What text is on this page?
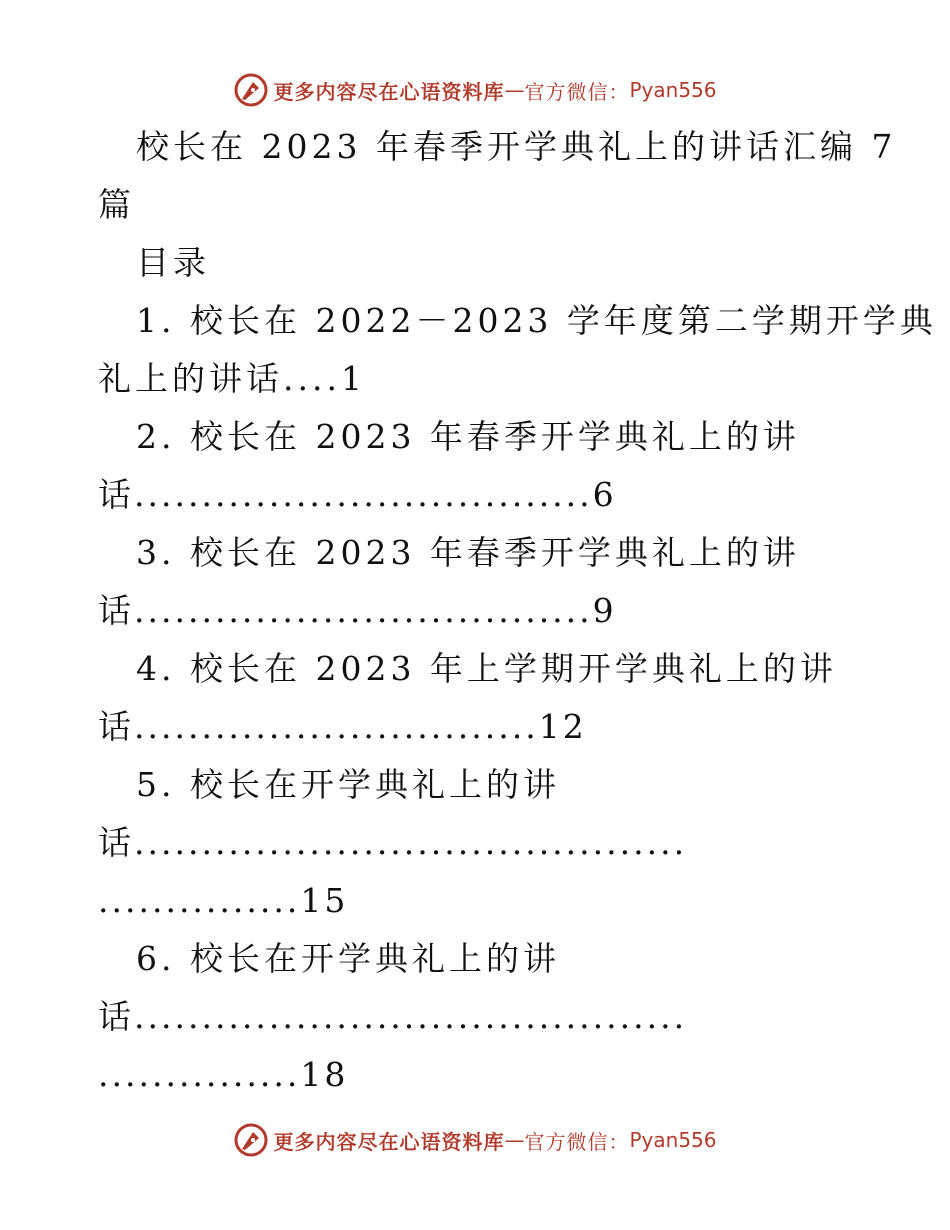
更多内容尽在心语资料库 — 官方微信： Pyan556
校长在 2023 年春季开学典礼上的讲话汇编 7
篇
目录
1. 校长在 2022－2023 学年度第二学期开学典
礼上的讲话....1
2. 校长在 2023 年春季开学典礼上的讲
话..................................6
3. 校长在 2023 年春季开学典礼上的讲
话..................................9
4. 校长在 2023 年上学期开学典礼上的讲
话..............................12
5. 校长在开学典礼上的讲
话.........................................
...............15
6. 校长在开学典礼上的讲
话.........................................
...............18
更多内容尽在心语资料库 — 官方微信： Pyan556
